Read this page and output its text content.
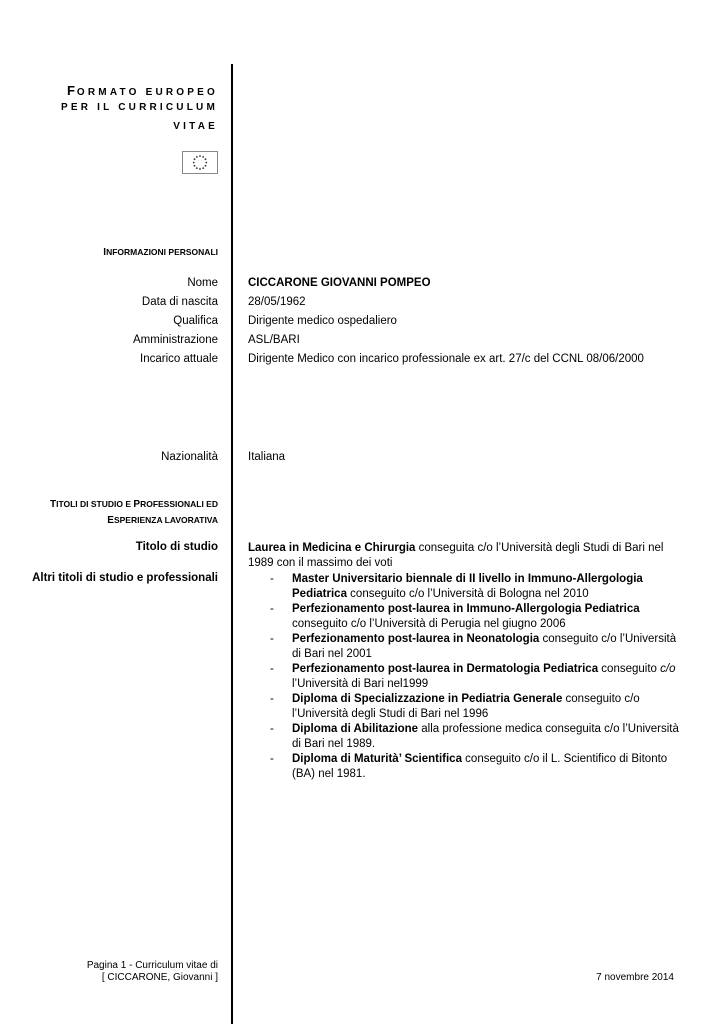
FORMATO EUROPEO
PER IL CURRICULUM
VITAE
INFORMAZIONI PERSONALI
Nome	CICCARONE GIOVANNI POMPEO
Data di nascita	28/05/1962
Qualifica	Dirigente medico ospedaliero
Amministrazione	ASL/BARI
Incarico attuale	Dirigente Medico con incarico professionale ex art. 27/c del CCNL 08/06/2000
Nazionalità	Italiana
TITOLI DI STUDIO E PROFESSIONALI ED
ESPERIENZA LAVORATIVA
Titolo di studio	Laurea in Medicina e Chirurgia conseguita c/o l’Università degli Studi di Bari nel 1989 con il massimo dei voti
Altri titoli di studio e professionali	- Master Universitario biennale di II livello in Immuno-Allergologia Pediatrica conseguito c/o l’Università di Bologna nel 2010
- Perfezionamento post-laurea in Immuno-Allergologia Pediatrica conseguito c/o l’Università di Perugia nel giugno 2006
- Perfezionamento post-laurea in Neonatologia conseguito c/o l’Università di Bari nel 2001
- Perfezionamento post-laurea in Dermatologia Pediatrica conseguito c/o l’Università di Bari nel1999
- Diploma di Specializzazione in Pediatria Generale conseguito c/o l’Università degli Studi di Bari nel 1996
- Diploma di Abilitazione alla professione medica conseguita c/o l’Università di Bari nel 1989.
- Diploma di Maturità’ Scientifica conseguito c/o il L. Scientifico di Bitonto (BA) nel 1981.
Pagina 1 - Curriculum vitae di
[ CICCARONE, Giovanni ]	7 novembre 2014
